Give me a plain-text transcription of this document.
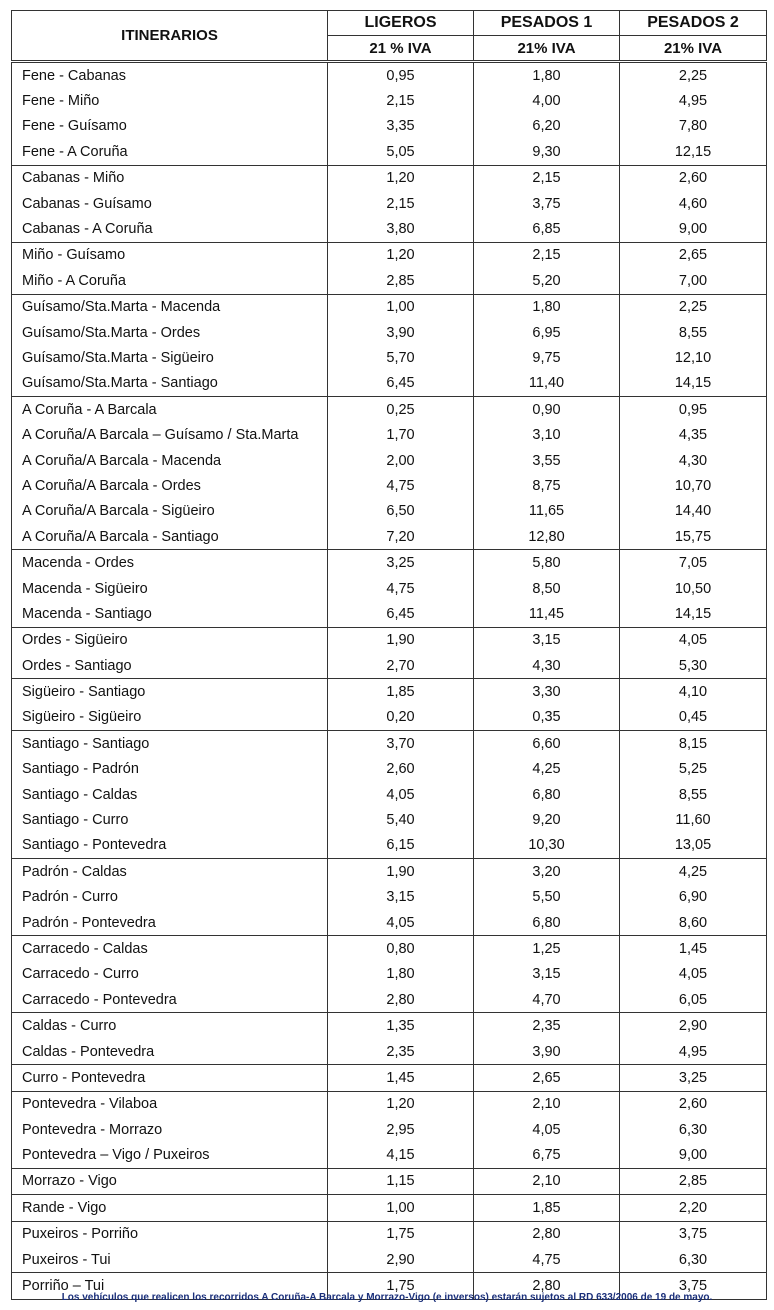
ITINERARIOS	LIGEROS	PESADOS 1	PESADOS 2
	21 % IVA	21% IVA	21% IVA
Fene - Cabanas	0,95	1,80	2,25
Fene - Miño	2,15	4,00	4,95
Fene - Guísamo	3,35	6,20	7,80
Fene - A Coruña	5,05	9,30	12,15
Cabanas - Miño	1,20	2,15	2,60
Cabanas - Guísamo	2,15	3,75	4,60
Cabanas - A Coruña	3,80	6,85	9,00
Miño - Guísamo	1,20	2,15	2,65
Miño - A Coruña	2,85	5,20	7,00
Guísamo/Sta.Marta - Macenda	1,00	1,80	2,25
Guísamo/Sta.Marta - Ordes	3,90	6,95	8,55
Guísamo/Sta.Marta - Sigüeiro	5,70	9,75	12,10
Guísamo/Sta.Marta - Santiago	6,45	11,40	14,15
A Coruña - A Barcala	0,25	0,90	0,95
A Coruña/A Barcala – Guísamo / Sta.Marta	1,70	3,10	4,35
A Coruña/A Barcala - Macenda	2,00	3,55	4,30
A Coruña/A Barcala - Ordes	4,75	8,75	10,70
A Coruña/A Barcala - Sigüeiro	6,50	11,65	14,40
A Coruña/A Barcala - Santiago	7,20	12,80	15,75
Macenda - Ordes	3,25	5,80	7,05
Macenda - Sigüeiro	4,75	8,50	10,50
Macenda - Santiago	6,45	11,45	14,15
Ordes - Sigüeiro	1,90	3,15	4,05
Ordes - Santiago	2,70	4,30	5,30
Sigüeiro - Santiago	1,85	3,30	4,10
Sigüeiro - Sigüeiro	0,20	0,35	0,45
Santiago - Santiago	3,70	6,60	8,15
Santiago - Padrón	2,60	4,25	5,25
Santiago - Caldas	4,05	6,80	8,55
Santiago - Curro	5,40	9,20	11,60
Santiago - Pontevedra	6,15	10,30	13,05
Padrón - Caldas	1,90	3,20	4,25
Padrón - Curro	3,15	5,50	6,90
Padrón - Pontevedra	4,05	6,80	8,60
Carracedo - Caldas	0,80	1,25	1,45
Carracedo - Curro	1,80	3,15	4,05
Carracedo - Pontevedra	2,80	4,70	6,05
Caldas - Curro	1,35	2,35	2,90
Caldas - Pontevedra	2,35	3,90	4,95
Curro - Pontevedra	1,45	2,65	3,25
Pontevedra - Vilaboa	1,20	2,10	2,60
Pontevedra - Morrazo	2,95	4,05	6,30
Pontevedra – Vigo / Puxeiros	4,15	6,75	9,00
Morrazo - Vigo	1,15	2,10	2,85
Rande - Vigo	1,00	1,85	2,20
Puxeiros - Porriño	1,75	2,80	3,75
Puxeiros - Tui	2,90	4,75	6,30
Porriño – Tui	1,75	2,80	3,75
Los vehículos que realicen los recorridos A Coruña-A Barcala y Morrazo-Vigo (e inversos) estarán sujetos al RD 633/2006 de 19 de mayo.
